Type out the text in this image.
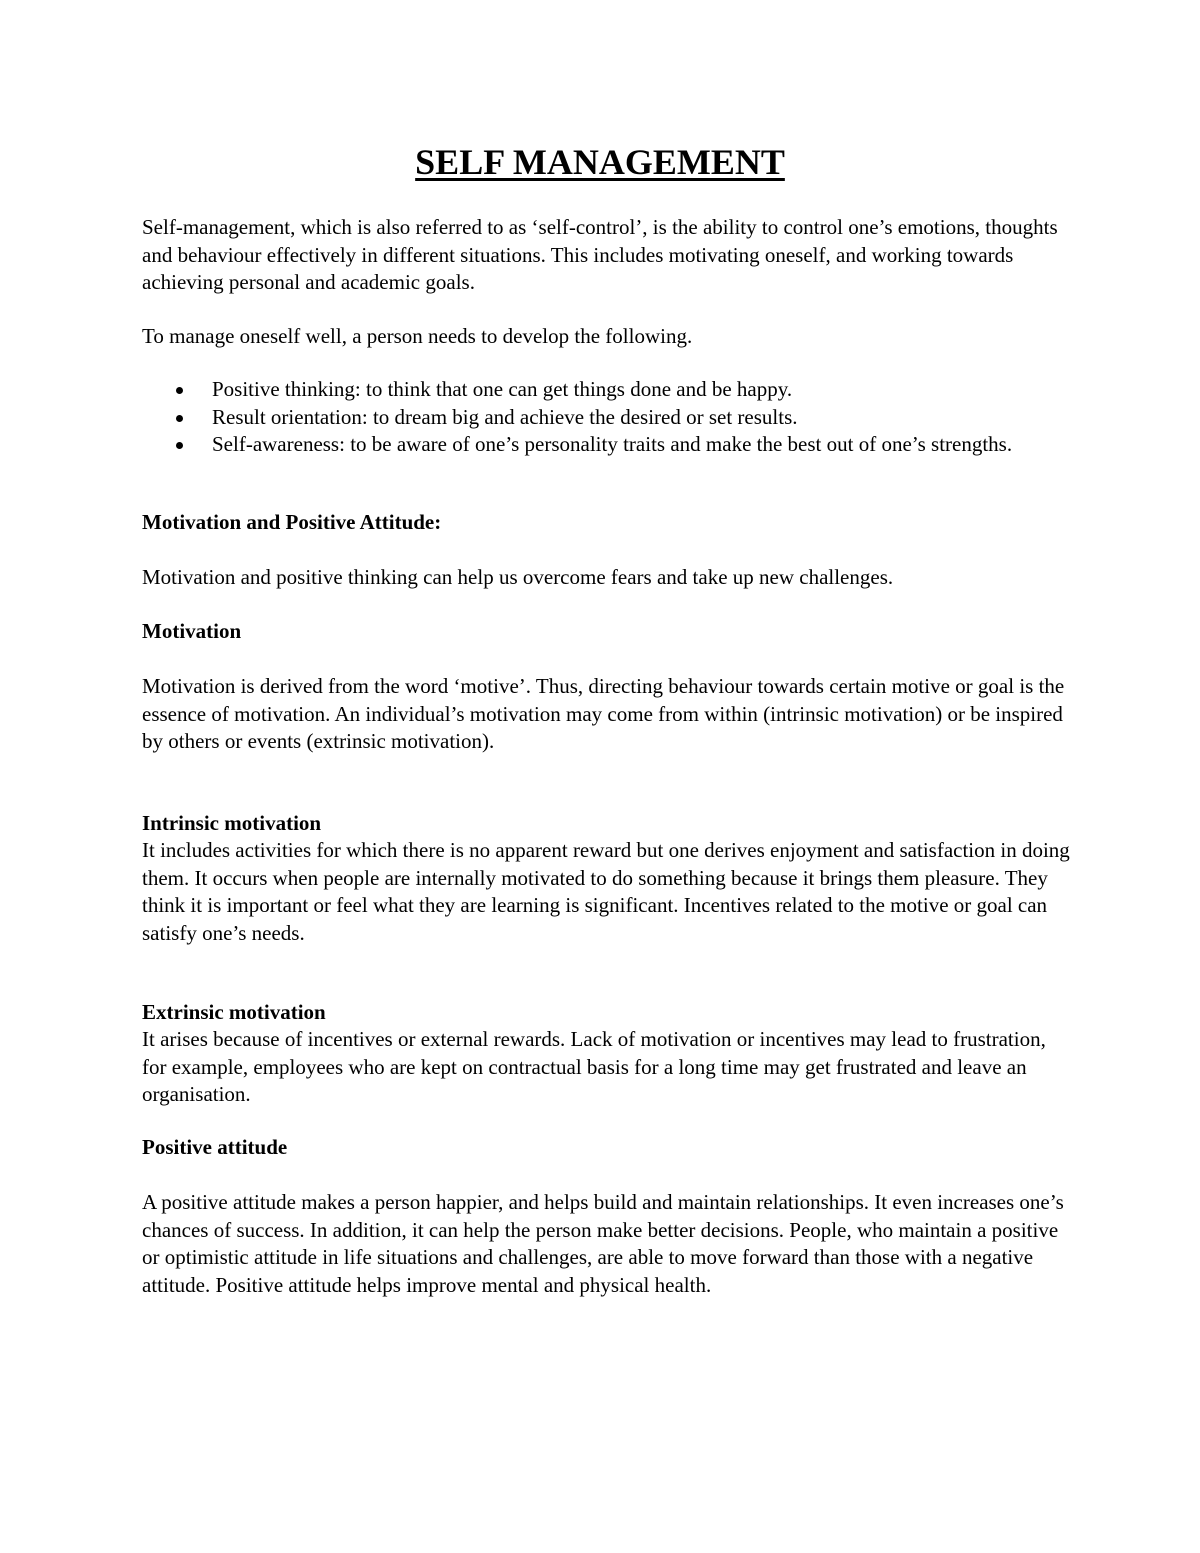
SELF MANAGEMENT

Self-management, which is also referred to as ‘self-control’, is the ability to control one’s emotions, thoughts and behaviour effectively in different situations. This includes motivating oneself, and working towards achieving personal and academic goals.

To manage oneself well, a person needs to develop the following.

Positive thinking: to think that one can get things done and be happy.
Result orientation: to dream big and achieve the desired or set results.
Self-awareness: to be aware of one’s personality traits and make the best out of one’s strengths.

Motivation and Positive Attitude:

Motivation and positive thinking can help us overcome fears and take up new challenges.

Motivation

Motivation is derived from the word ‘motive’. Thus, directing behaviour towards certain motive or goal is the essence of motivation. An individual’s motivation may come from within (intrinsic motivation) or be inspired by others or events (extrinsic motivation).

Intrinsic motivation

It includes activities for which there is no apparent reward but one derives enjoyment and satisfaction in doing them. It occurs when people are internally motivated to do something because it brings them pleasure. They think it is important or feel what they are learning is significant. Incentives related to the motive or goal can satisfy one’s needs.

Extrinsic motivation

It arises because of incentives or external rewards. Lack of motivation or incentives may lead to frustration, for example, employees who are kept on contractual basis for a long time may get frustrated and leave an organisation.

Positive attitude

A positive attitude makes a person happier, and helps build and maintain relationships. It even increases one’s chances of success. In addition, it can help the person make better decisions. People, who maintain a positive or optimistic attitude in life situations and challenges, are able to move forward than those with a negative attitude. Positive attitude helps improve mental and physical health.
